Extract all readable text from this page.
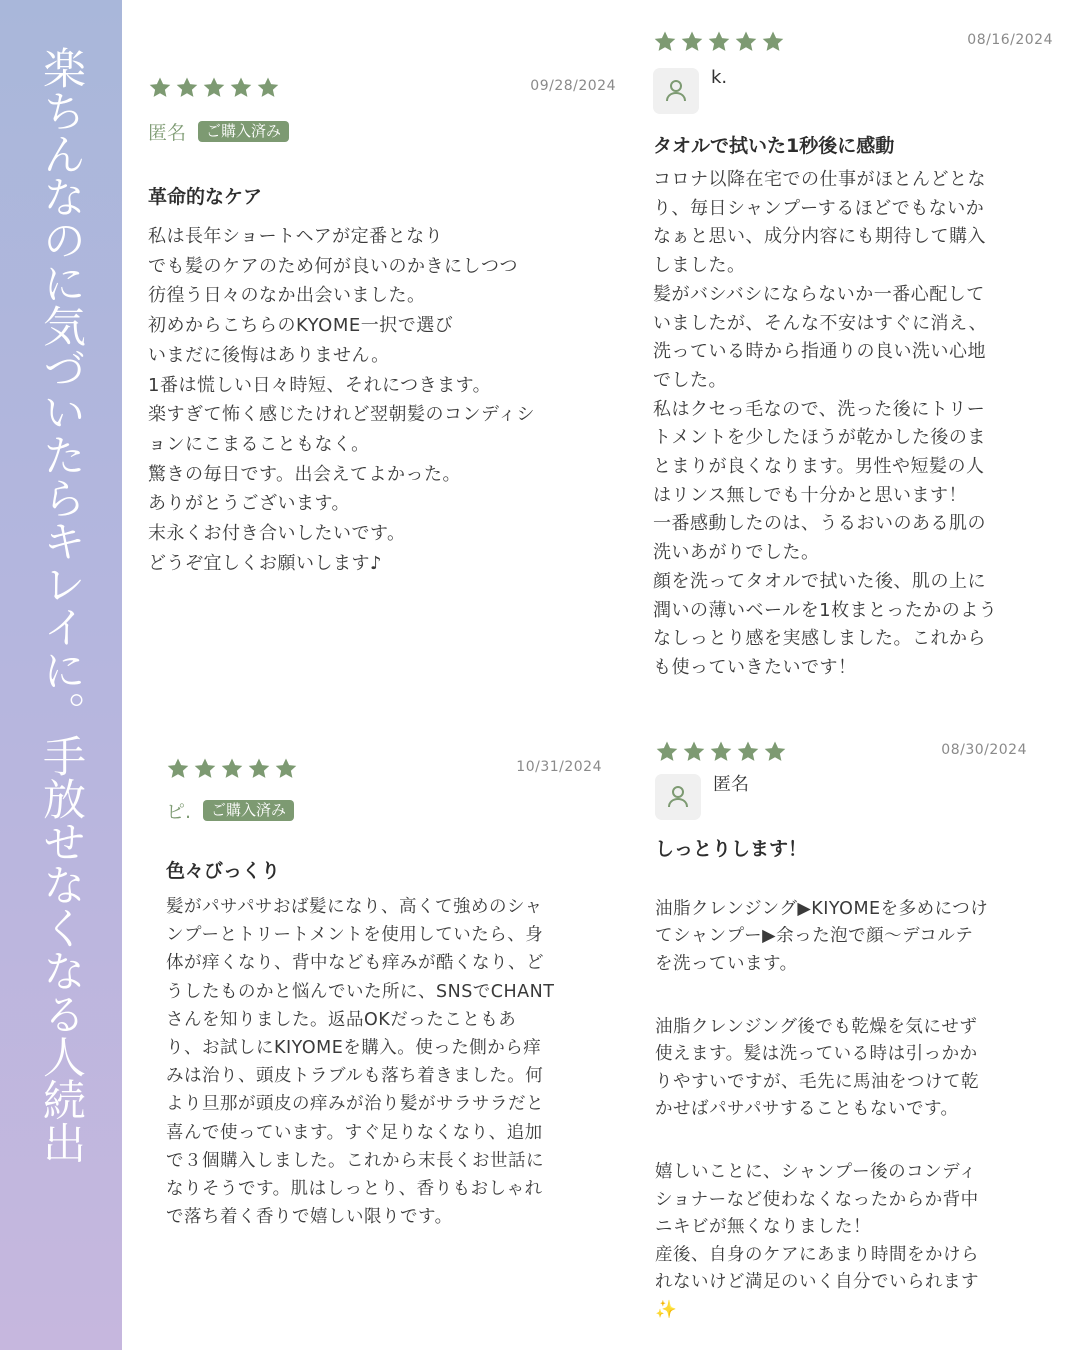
楽ちんなのに気づいたらキレイに。手放せなくなる人続出	09/28/2024
匿名	ご購入済み
革命的なケア
私は長年ショートヘアが定番となり
でも髪のケアのため何が良いのかきにしつつ
彷徨う日々のなか出会いました。
初めからこちらのKYOME一択で選び
いまだに後悔はありません。
1番は慌しい日々時短、それにつきます。
楽すぎて怖く感じたけれど翌朝髪のコンディシ
ョンにこまることもなく。
驚きの毎日です。出会えてよかった。
ありがとうございます。
末永くお付き合いしたいです。
どうぞ宜しくお願いします♪
08/16/2024
k.
タオルで拭いた1秒後に感動
コロナ以降在宅での仕事がほとんどとな
り、毎日シャンプーするほどでもないか
なぁと思い、成分内容にも期待して購入
しました。
髪がバシバシにならないか一番心配して
いましたが、そんな不安はすぐに消え、
洗っている時から指通りの良い洗い心地
でした。
私はクセっ毛なので、洗った後にトリー
トメントを少したほうが乾かした後のま
とまりが良くなります。男性や短髪の人
はリンス無しでも十分かと思います！
一番感動したのは、うるおいのある肌の
洗いあがりでした。
顔を洗ってタオルで拭いた後、肌の上に
潤いの薄いベールを1枚まとったかのよう
なしっとり感を実感しました。これから
も使っていきたいです！
10/31/2024
ピ.	ご購入済み
色々びっくり
髪がパサパサおば髪になり、高くて強めのシャ
ンプーとトリートメントを使用していたら、身
体が痒くなり、背中なども痒みが酷くなり、ど
うしたものかと悩んでいた所に、SNSでCHANT
さんを知りました。返品OKだったこともあ
り、お試しにKIYOMEを購入。使った側から痒
みは治り、頭皮トラブルも落ち着きました。何
より旦那が頭皮の痒みが治り髪がサラサラだと
喜んで使っています。すぐ足りなくなり、追加
で３個購入しました。これから末長くお世話に
なりそうです。肌はしっとり、香りもおしゃれ
で落ち着く香りで嬉しい限りです。
08/30/2024
匿名
しっとりします！

油脂クレンジング▶KIYOMEを多めにつけ
てシャンプー▶余った泡で顔〜デコルテ
を洗っています。

油脂クレンジング後でも乾燥を気にせず
使えます。髪は洗っている時は引っかか
りやすいですが、毛先に馬油をつけて乾
かせばパサパサすることもないです。

嬉しいことに、シャンプー後のコンディ
ショナーなど使わなくなったからか背中
ニキビが無くなりました！
産後、自身のケアにあまり時間をかけら
れないけど満足のいく自分でいられます
✨
